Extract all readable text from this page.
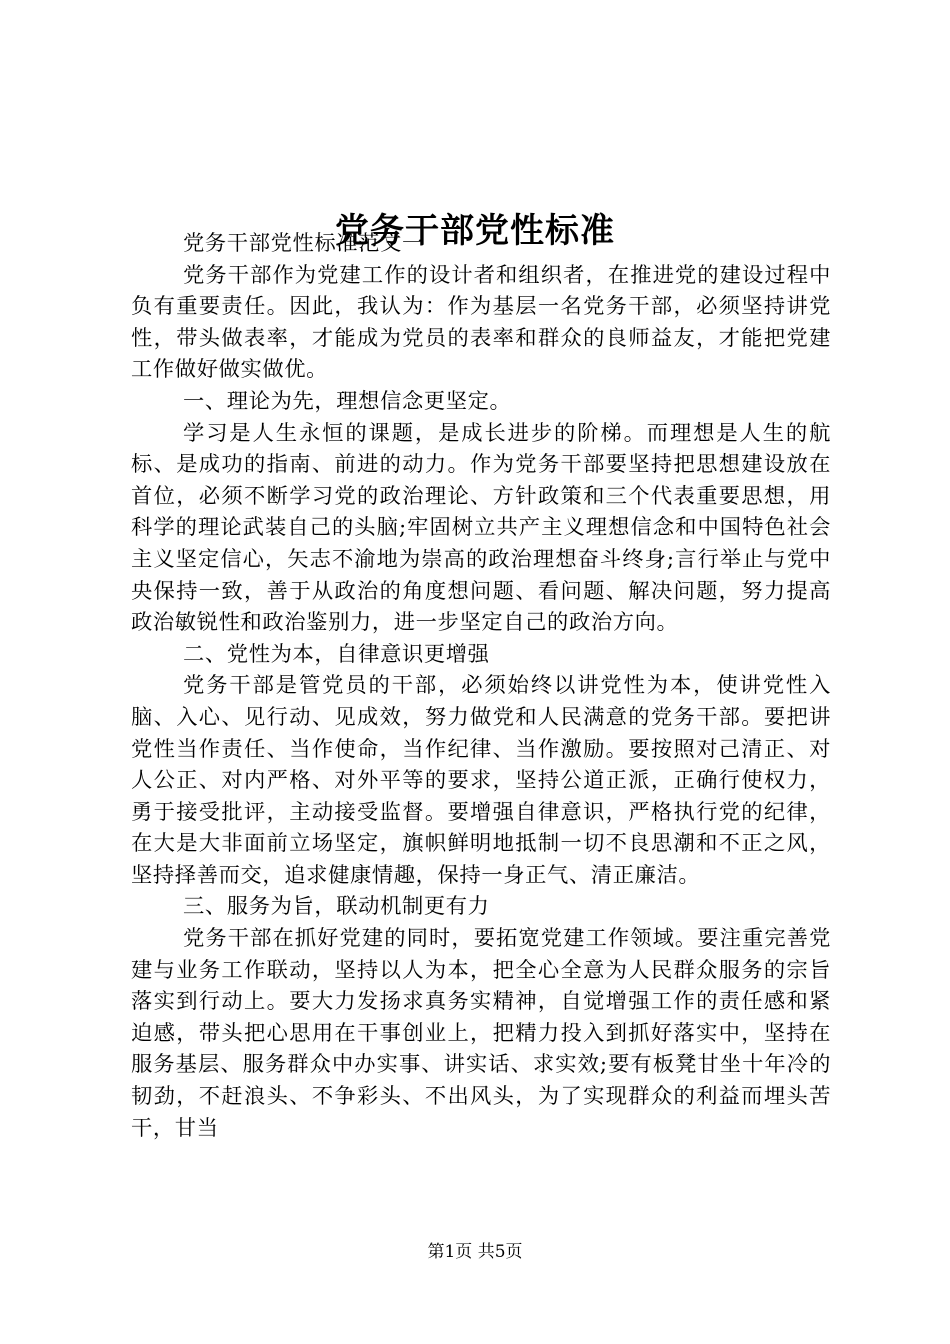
党务干部党性标准

党务干部党性标准范文一

党务干部作为党建工作的设计者和组织者，在推进党的建设过程中负有重要责任。因此，我认为：作为基层一名党务干部，必须坚持讲党性，带头做表率，才能成为党员的表率和群众的良师益友，才能把党建工作做好做实做优。

一、理论为先，理想信念更坚定。

学习是人生永恒的课题，是成长进步的阶梯。而理想是人生的航标、是成功的指南、前进的动力。作为党务干部要坚持把思想建设放在首位，必须不断学习党的政治理论、方针政策和三个代表重要思想，用科学的理论武装自己的头脑;牢固树立共产主义理想信念和中国特色社会主义坚定信心，矢志不渝地为崇高的政治理想奋斗终身;言行举止与党中央保持一致，善于从政治的角度想问题、看问题、解决问题，努力提高政治敏锐性和政治鉴别力，进一步坚定自己的政治方向。

二、党性为本，自律意识更增强

党务干部是管党员的干部，必须始终以讲党性为本，使讲党性入脑、入心、见行动、见成效，努力做党和人民满意的党务干部。要把讲党性当作责任、当作使命，当作纪律、当作激励。要按照对己清正、对人公正、对内严格、对外平等的要求，坚持公道正派，正确行使权力，勇于接受批评，主动接受监督。要增强自律意识，严格执行党的纪律，在大是大非面前立场坚定，旗帜鲜明地抵制一切不良思潮和不正之风，坚持择善而交，追求健康情趣，保持一身正气、清正廉洁。

三、服务为旨，联动机制更有力

党务干部在抓好党建的同时，要拓宽党建工作领域。要注重完善党建与业务工作联动，坚持以人为本，把全心全意为人民群众服务的宗旨落实到行动上。要大力发扬求真务实精神，自觉增强工作的责任感和紧迫感，带头把心思用在干事创业上，把精力投入到抓好落实中，坚持在服务基层、服务群众中办实事、讲实话、求实效;要有板凳甘坐十年冷的韧劲，不赶浪头、不争彩头、不出风头，为了实现群众的利益而埋头苦干，甘当

第1页 共5页
